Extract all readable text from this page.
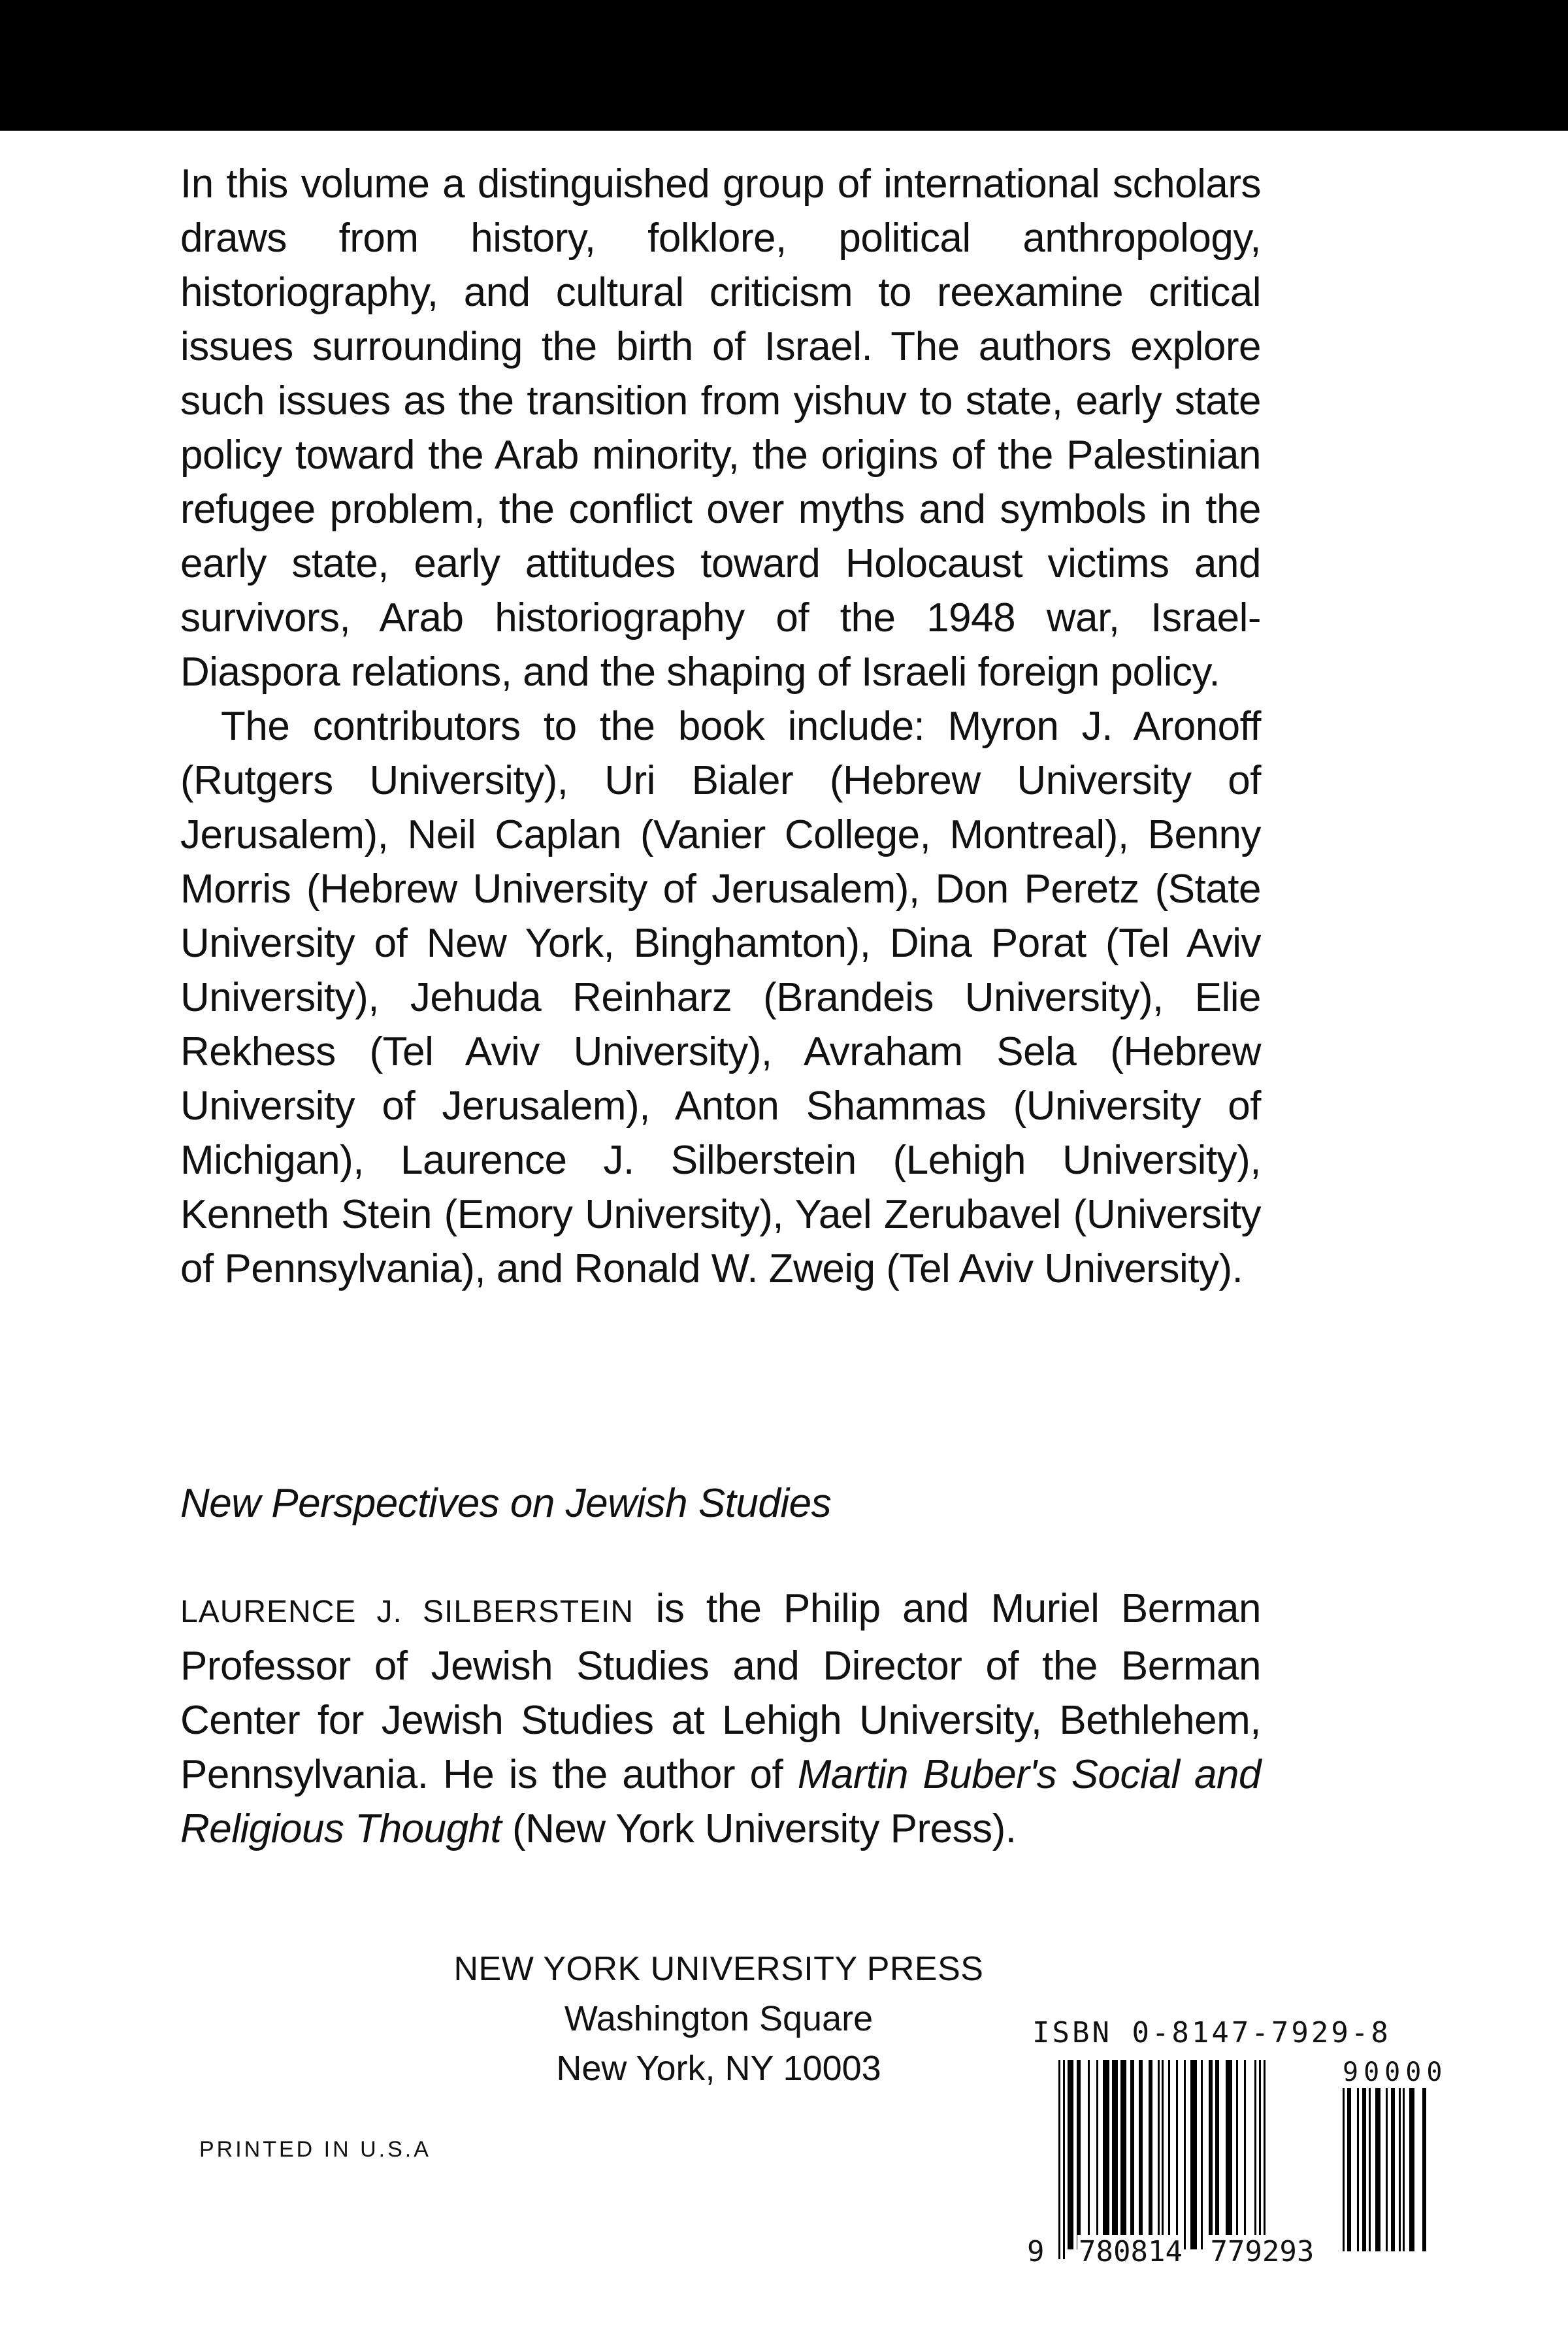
In this volume a distinguished group of international scholars draws from history, folklore, political anthropology, historiography, and cultural criticism to reexamine critical issues surrounding the birth of Israel. The authors explore such issues as the transition from yishuv to state, early state policy toward the Arab minority, the origins of the Palestinian refugee problem, the conflict over myths and symbols in the early state, early attitudes toward Holocaust victims and survivors, Arab historiography of the 1948 war, Israel-Diaspora relations, and the shaping of Israeli foreign policy.

The contributors to the book include: Myron J. Aronoff (Rutgers University), Uri Bialer (Hebrew University of Jerusalem), Neil Caplan (Vanier College, Montreal), Benny Morris (Hebrew University of Jerusalem), Don Peretz (State University of New York, Binghamton), Dina Porat (Tel Aviv University), Jehuda Reinharz (Brandeis University), Elie Rekhess (Tel Aviv University), Avraham Sela (Hebrew University of Jerusalem), Anton Shammas (University of Michigan), Laurence J. Silberstein (Lehigh University), Kenneth Stein (Emory University), Yael Zerubavel (University of Pennsylvania), and Ronald W. Zweig (Tel Aviv University).

New Perspectives on Jewish Studies

LAURENCE J. SILBERSTEIN is the Philip and Muriel Berman Professor of Jewish Studies and Director of the Berman Center for Jewish Studies at Lehigh University, Bethlehem, Pennsylvania. He is the author of Martin Buber's Social and Religious Thought (New York University Press).

NEW YORK UNIVERSITY PRESS
Washington Square
New York, NY 10003
PRINTED IN U.S.A
ISBN 0-8147-7929-8
90000
9 780814 779293
